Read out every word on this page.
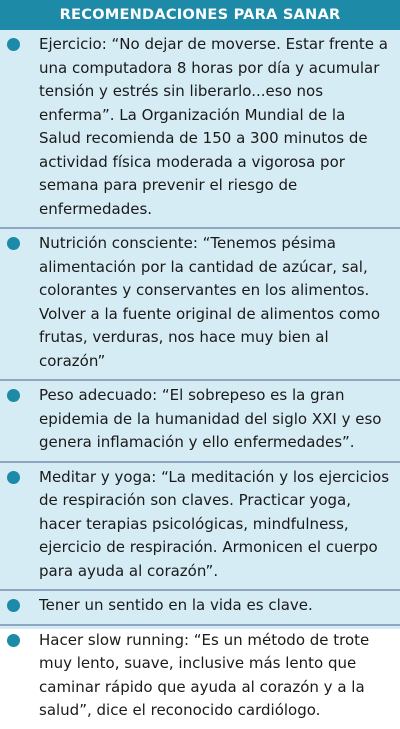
RECOMENDACIONES PARA SANAR
Ejercicio: “No dejar de moverse. Estar frente a una computadora 8 horas por día y acumular tensión y estrés sin liberarlo...eso nos enferma”. La Organización Mundial de la Salud recomienda de 150 a 300 minutos de actividad física moderada a vigorosa por semana para prevenir el riesgo de enfermedades.
Nutrición consciente: “Tenemos pésima alimentación por la cantidad de azúcar, sal, colorantes y conservantes en los alimentos. Volver a la fuente original de alimentos como frutas, verduras, nos hace muy bien al corazón”
Peso adecuado: “El sobrepeso es la gran epidemia de la humanidad del siglo XXI y eso genera inflamación y ello enfermedades”.
Meditar y yoga: “La meditación y los ejercicios de respiración son claves. Practicar yoga, hacer terapias psicológicas, mindfulness, ejercicio de respiración. Armonicen el cuerpo para ayuda al corazón”.
Tener un sentido en la vida es clave.
Hacer slow running: “Es un método de trote muy lento, suave, inclusive más lento que caminar rápido que ayuda al corazón y a la salud”, dice el reconocido cardiólogo.
